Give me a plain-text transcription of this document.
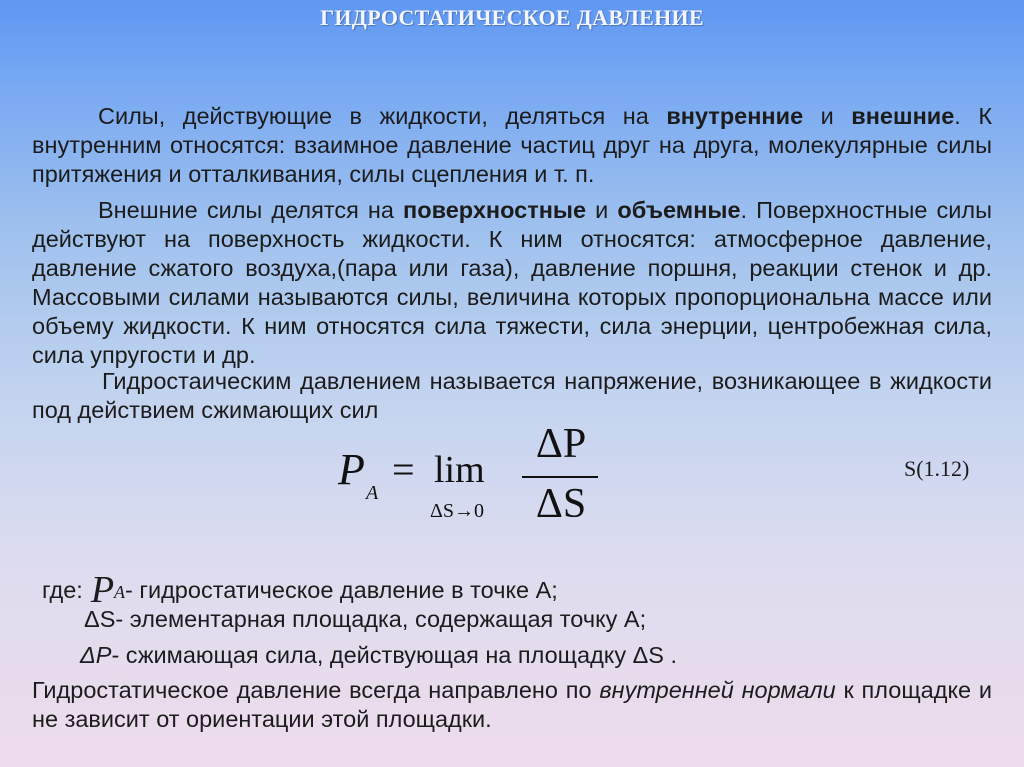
ГИДРОСТАТИЧЕСКОЕ ДАВЛЕНИЕ
Силы, действующие в жидкости, деляться на внутренние и внешние. К внутренним относятся: взаимное давление частиц друг на друга, молекулярные силы притяжения и отталкивания, силы сцепления и т. п.
Внешние силы делятся на поверхностные и объемные. Поверхностные силы действуют на поверхность жидкости. К ним относятся: атмосферное давление, давление сжатого воздуха,(пара или газа), давление поршня, реакции стенок и др. Массовыми силами называются силы, величина которых пропорциональна массе или объему жидкости. К ним относятся сила тяжести, сила энерции, центробежная сила, сила упругости и др.
Гидростаическим давлением называется напряжение, возникающее в жидкости под действием сжимающих сил
P A
= lim
ΔS→0
ΔP
ΔS
S(1.12)
где: PA- гидростатическое давление в точке А;
ΔS- элементарная площадка, содержащая точку А;
ΔP- сжимающая сила, действующая на площадку ΔS .
Гидростатическое давление всегда направлено по внутренней нормали к площадке и не зависит от ориентации этой площадки.
